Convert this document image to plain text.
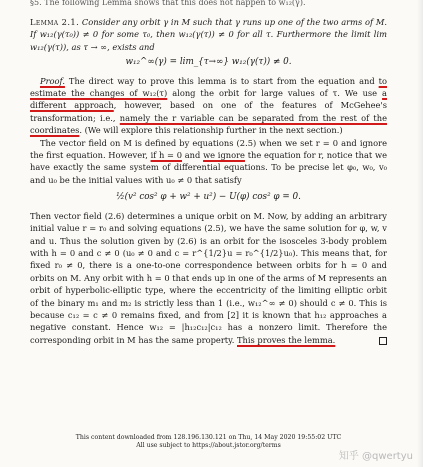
§5. The following Lemma shows that this does not happen to w₁₂(γ).
Lemma 2.1. Consider any orbit γ in M such that γ runs up one of the two arms of M. If w₁₂(γ(τ₀)) ≠ 0 for some τ₀, then w₁₂(γ(τ)) ≠ 0 for all τ. Furthermore the limit lim w₁₂(γ(τ)), as τ → ∞, exists and
w₁₂^∞(γ) = lim_{τ→∞} w₁₂(γ(τ)) ≠ 0.
Proof. The direct way to prove this lemma is to start from the equation and to estimate the changes of w₁₂(τ) along the orbit for large values of τ. We use a different approach, however, based on one of the features of McGehee's transformation; i.e., namely the r variable can be separated from the rest of the coordinates. (We will explore this relationship further in the next section.)
The vector field on M is defined by equations (2.5) when we set r = 0 and ignore the first equation. However, if h = 0 and we ignore the equation for r, notice that we have exactly the same system of differential equations. To be precise let φ₀, w₀, v₀ and u₀ be the initial values with u₀ ≠ 0 that satisfy
½(v² cos² φ + w² + u²) − U(φ) cos² φ = 0.
Then vector field (2.6) determines a unique orbit on M. Now, by adding an arbitrary initial value r = r₀ and solving equations (2.5), we have the same solution for φ, w, v and u. Thus the solution given by (2.6) is an orbit for the isosceles 3-body problem with h = 0 and c ≠ 0 (u₀ ≠ 0 and c = r^{1/2}u = r₀^{1/2}u₀). This means that, for fixed r₀ ≠ 0, there is a one-to-one correspondence between orbits for h = 0 and orbits on M. Any orbit with h = 0 that ends up in one of the arms of M represents an orbit of hyperbolic-elliptic type, where the eccentricity of the limiting elliptic orbit of the binary m₁ and m₂ is strictly less than 1 (i.e., w₁₂^∞ ≠ 0) should c ≠ 0. This is because c₁₂ = c ≠ 0 remains fixed, and from [2] it is known that h₁₂ approaches a negative constant. Hence w₁₂ = |h₁₂c₁₂|c₁₂ has a nonzero limit. Therefore the corresponding orbit in M has the same property. This proves the lemma.
This content downloaded from 128.196.130.121 on Thu, 14 May 2020 19:55:02 UTC
All use subject to https://about.jstor.org/terms
知乎 @qwertyu
